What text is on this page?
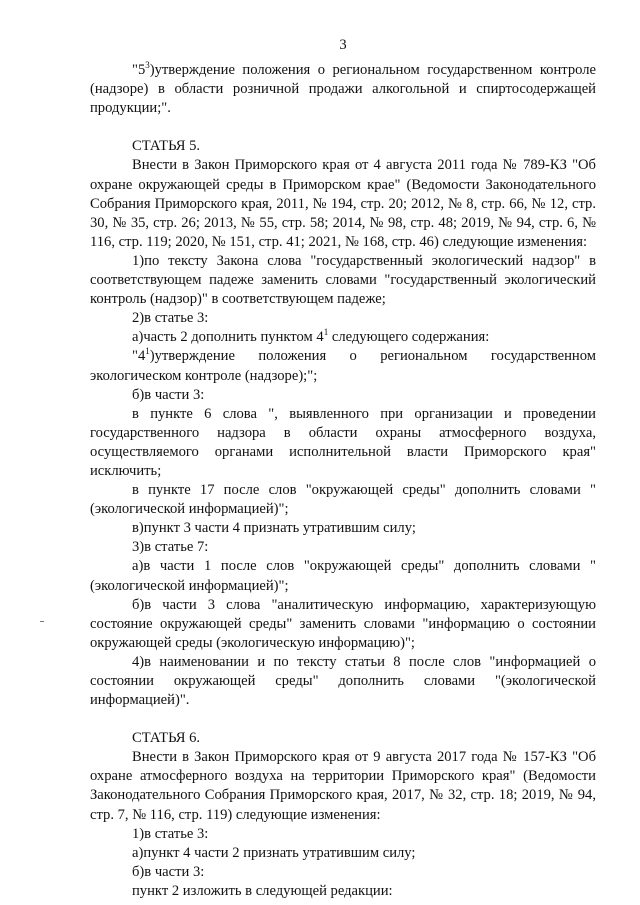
3

"$5^3)утверждение$ положения о региональном государственном контроле (надзоре) в области розничной продажи алкогольной и спиртосодержащей продукции;".

СТАТЬЯ 5.

Внести в Закон Приморского края от 4 августа 2011 года № 789-КЗ "Об охране окружающей среды в Приморском крае" (Ведомости Законодательного Собрания Приморского края, 2011, № 194, стр. 20; 2012, № 8, стр. 66, № 12, стр. 30, № 35, стр. 26; 2013, № 55, стр. 58; 2014, № 98, стр. 48; 2019, № 94, стр. 6, № 116, стр. 119; 2020, № 151, стр. 41; 2021, № 168, стр. 46) следующие изменения:

1)по тексту Закона слова "государственный экологический надзор" в соответствующем падеже заменить словами "государственный экологический контроль (надзор)" в соответствующем падеже;

2)в статье 3:

а)часть 2 дополнить пунктом $4^1$ следующего содержания:

"$4^1)утверждение$ положения о региональном государственном экологическом контроле (надзоре);";

б)в части 3:

в пункте 6 слова ", выявленного при организации и проведении государственного надзора в области охраны атмосферного воздуха, осуществляемого органами исполнительной власти Приморского края" исключить;

в пункте 17 после слов "окружающей среды" дополнить словами "(экологической информацией)";

в)пункт 3 части 4 признать утратившим силу;

3)в статье 7:

а)в части 1 после слов "окружающей среды" дополнить словами "(экологической информацией)";

б)в части 3 слова "аналитическую информацию, характеризующую состояние окружающей среды" заменить словами "информацию о состоянии окружающей среды (экологическую информацию)";

4)в наименовании и по тексту статьи 8 после слов "информацией о состоянии окружающей среды" дополнить словами "(экологической информацией)".

СТАТЬЯ 6.

Внести в Закон Приморского края от 9 августа 2017 года № 157-КЗ "Об охране атмосферного воздуха на территории Приморского края" (Ведомости Законодательного Собрания Приморского края, 2017, № 32, стр. 18; 2019, № 94, стр. 7, № 116, стр. 119) следующие изменения:

1)в статье 3:

а)пункт 4 части 2 признать утратившим силу;

б)в части 3:

пункт 2 изложить в следующей редакции:
